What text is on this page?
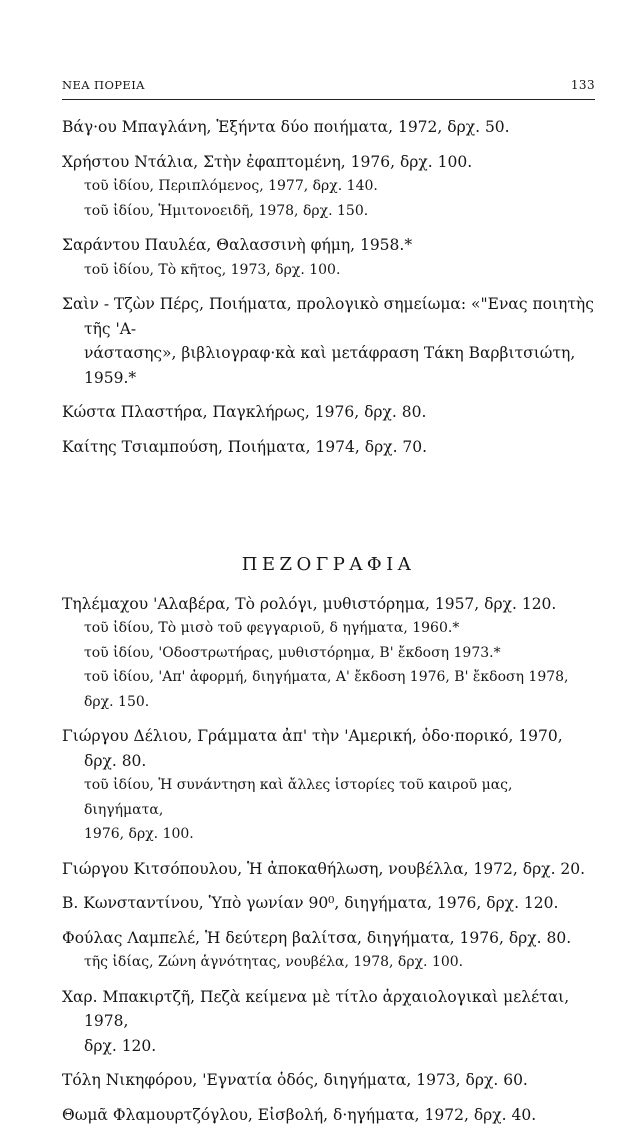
ΝΕΑ ΠΟΡΕΙΑ	133
Βάγ·ου Μπαγλάνη, Ἑξήντα δύο ποιήματα, 1972, δρχ. 50.
Χρήστου Ντάλια, Στὴν ἐφαπτομένη, 1976, δρχ. 100.
τοῦ ἰδίου, Περιπλόμενος, 1977, δρχ. 140.
τοῦ ἰδίου, Ἡμιτονοειδῆ, 1978, δρχ. 150.
Σαράντου Παυλέα, Θαλασσινὴ φήμη, 1958.*
τοῦ ἰδίου, Τὸ κῆτος, 1973, δρχ. 100.
Σαὶν - Τζὼν Πέρς, Ποιήματα, προλογικὸ σημείωμα: «"Ενας ποιητὴς τῆς 'Α-
νάστασης», βιβλιογραφ·κὰ καὶ μετάφραση Τάκη Βαρβιτσιώτη, 1959.*
Κώστα Πλαστήρα, Παγκλήρως, 1976, δρχ. 80.
Καίτης Τσιαμπούση, Ποιήματα, 1974, δρχ. 70.
ΠΕΖΟΓΡΑΦΙΑ
Τηλέμαχου 'Αλαβέρα, Τὸ ρολόγι, μυθιστόρημα, 1957, δρχ. 120.
τοῦ ἰδίου, Τὸ μισὸ τοῦ φεγγαριοῦ, δ ηγήματα, 1960.*
τοῦ ἰδίου, 'Οδοστρωτήρας, μυθιστόρημα, Β' ἔκδοση 1973.*
τοῦ ἰδίου, 'Απ' ἀφορμή, διηγήματα, Α' ἔκδοση 1976, Β' ἔκδοση 1978,
δρχ. 150.
Γιώργου Δέλιου, Γράμματα ἀπ' τὴν 'Αμερική, ὁδο·πορικό, 1970, δρχ. 80.
τοῦ ἰδίου, Ἡ συνάντηση καὶ ἄλλες ἱστορίες τοῦ καιροῦ μας, διηγήματα,
1976, δρχ. 100.
Γιώργου Κιτσόπουλου, Ἡ ἀποκαθήλωση, νουβέλλα, 1972, δρχ. 20.
Β. Κωνσταντίνου, Ὑπὸ γωνίαν 90⁰, διηγήματα, 1976, δρχ. 120.
Φούλας Λαμπελέ, Ἡ δεύτερη βαλίτσα, διηγήματα, 1976, δρχ. 80.
τῆς ἰδίας, Ζώνη ἁγνότητας, νουβέλα, 1978, δρχ. 100.
Χαρ. Μπακιρτζῆ, Πεζὰ κείμενα μὲ τίτλο ἀρχαιολογικαὶ μελέται, 1978,
δρχ. 120.
Τόλη Νικηφόρου, 'Εγνατία ὁδός, διηγήματα, 1973, δρχ. 60.
Θωμᾶ Φλαμουρτζόγλου, Εἰσβολή, δ·ηγήματα, 1972, δρχ. 40.
